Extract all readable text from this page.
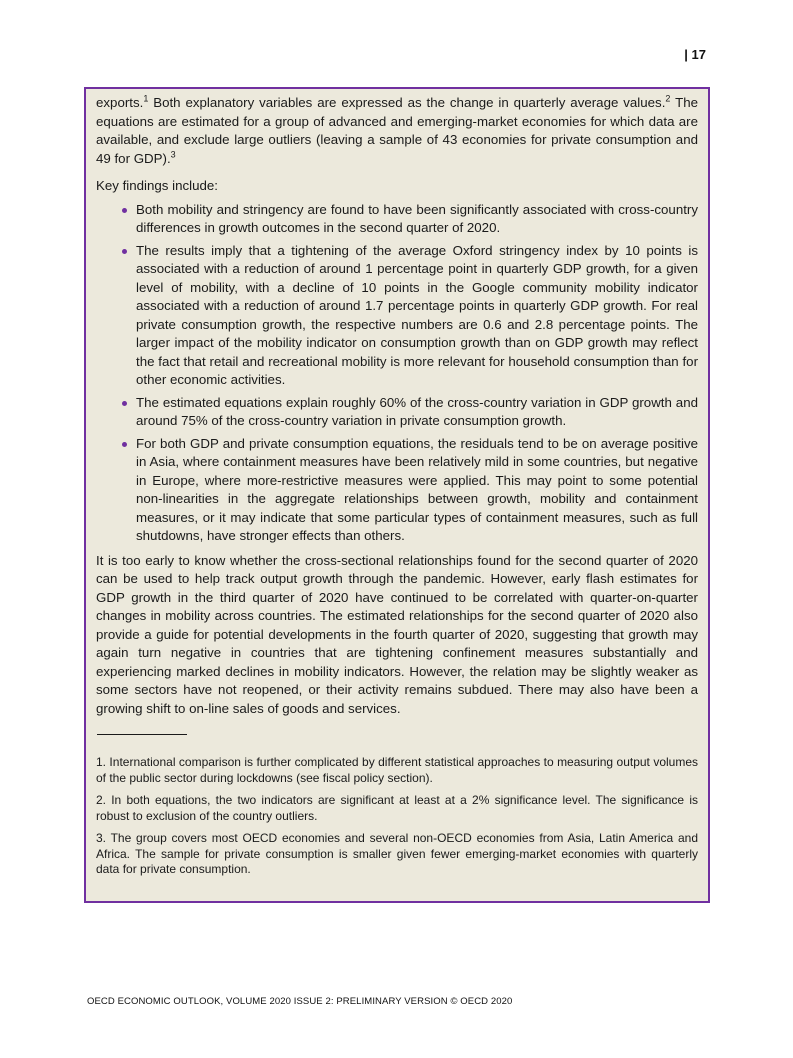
| 17

exports.$^1$ Both explanatory variables are expressed as the change in quarterly average values.$^2$ The equations are estimated for a group of advanced and emerging-market economies for which data are available, and exclude large outliers (leaving a sample of 43 economies for private consumption and 49 for GDP).$^3$

Key findings include:

Both mobility and stringency are found to have been significantly associated with cross-country differences in growth outcomes in the second quarter of 2020.
The results imply that a tightening of the average Oxford stringency index by 10 points is associated with a reduction of around 1 percentage point in quarterly GDP growth, for a given level of mobility, with a decline of 10 points in the Google community mobility indicator associated with a reduction of around 1.7 percentage points in quarterly GDP growth. For real private consumption growth, the respective numbers are 0.6 and 2.8 percentage points. The larger impact of the mobility indicator on consumption growth than on GDP growth may reflect the fact that retail and recreational mobility is more relevant for household consumption than for other economic activities.
The estimated equations explain roughly 60% of the cross-country variation in GDP growth and around 75% of the cross-country variation in private consumption growth.
For both GDP and private consumption equations, the residuals tend to be on average positive in Asia, where containment measures have been relatively mild in some countries, but negative in Europe, where more-restrictive measures were applied. This may point to some potential non-linearities in the aggregate relationships between growth, mobility and containment measures, or it may indicate that some particular types of containment measures, such as full shutdowns, have stronger effects than others.

It is too early to know whether the cross-sectional relationships found for the second quarter of 2020 can be used to help track output growth through the pandemic. However, early flash estimates for GDP growth in the third quarter of 2020 have continued to be correlated with quarter-on-quarter changes in mobility across countries. The estimated relationships for the second quarter of 2020 also provide a guide for potential developments in the fourth quarter of 2020, suggesting that growth may again turn negative in countries that are tightening confinement measures substantially and experiencing marked declines in mobility indicators. However, the relation may be slightly weaker as some sectors have not reopened, or their activity remains subdued. There may also have been a growing shift to on-line sales of goods and services.

1. International comparison is further complicated by different statistical approaches to measuring output volumes of the public sector during lockdowns (see fiscal policy section).

2. In both equations, the two indicators are significant at least at a 2% significance level. The significance is robust to exclusion of the country outliers.

3. The group covers most OECD economies and several non-OECD economies from Asia, Latin America and Africa. The sample for private consumption is smaller given fewer emerging-market economies with quarterly data for private consumption.

OECD ECONOMIC OUTLOOK, VOLUME 2020 ISSUE 2: PRELIMINARY VERSION © OECD 2020
